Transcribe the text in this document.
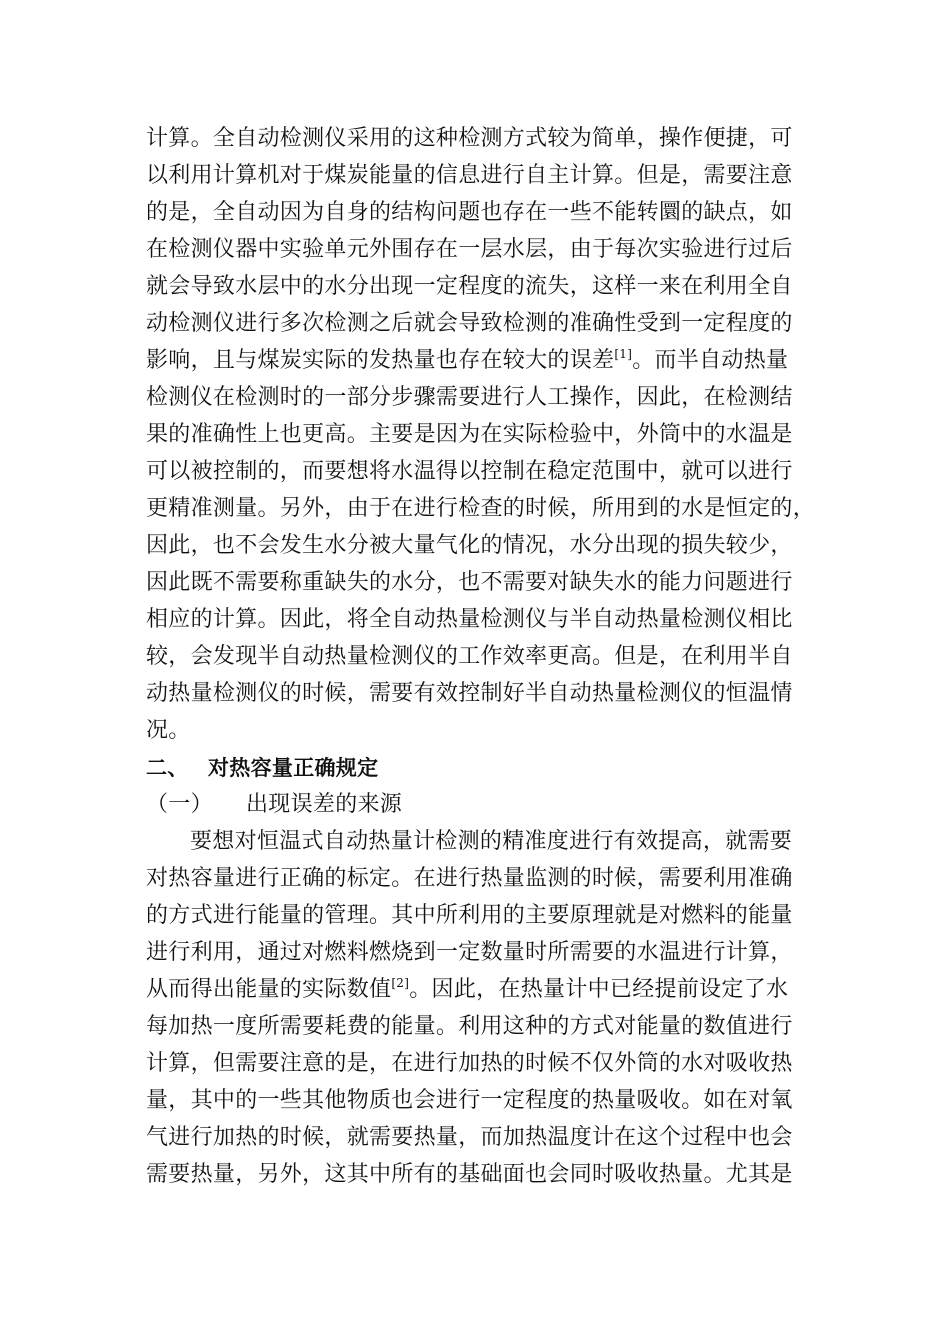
计算。全自动检测仪采用的这种检测方式较为简单，操作便捷，可
以利用计算机对于煤炭能量的信息进行自主计算。但是，需要注意
的是，全自动因为自身的结构问题也存在一些不能转圜的缺点，如
在检测仪器中实验单元外围存在一层水层，由于每次实验进行过后
就会导致水层中的水分出现一定程度的流失，这样一来在利用全自
动检测仪进行多次检测之后就会导致检测的准确性受到一定程度的
影响，且与煤炭实际的发热量也存在较大的误差[1]。而半自动热量
检测仪在检测时的一部分步骤需要进行人工操作，因此，在检测结
果的准确性上也更高。主要是因为在实际检验中，外筒中的水温是
可以被控制的，而要想将水温得以控制在稳定范围中，就可以进行
更精准测量。另外，由于在进行检查的时候，所用到的水是恒定的，
因此，也不会发生水分被大量气化的情况，水分出现的损失较少，
因此既不需要称重缺失的水分，也不需要对缺失水的能力问题进行
相应的计算。因此，将全自动热量检测仪与半自动热量检测仪相比
较，会发现半自动热量检测仪的工作效率更高。但是，在利用半自
动热量检测仪的时候，需要有效控制好半自动热量检测仪的恒温情
况。
二、 对热容量正确规定
（一） 出现误差的来源
要想对恒温式自动热量计检测的精准度进行有效提高，就需要
对热容量进行正确的标定。在进行热量监测的时候，需要利用准确
的方式进行能量的管理。其中所利用的主要原理就是对燃料的能量
进行利用，通过对燃料燃烧到一定数量时所需要的水温进行计算，
从而得出能量的实际数值[2]。因此，在热量计中已经提前设定了水
每加热一度所需要耗费的能量。利用这种的方式对能量的数值进行
计算，但需要注意的是，在进行加热的时候不仅外筒的水对吸收热
量，其中的一些其他物质也会进行一定程度的热量吸收。如在对氧
气进行加热的时候，就需要热量，而加热温度计在这个过程中也会
需要热量，另外，这其中所有的基础面也会同时吸收热量。尤其是
